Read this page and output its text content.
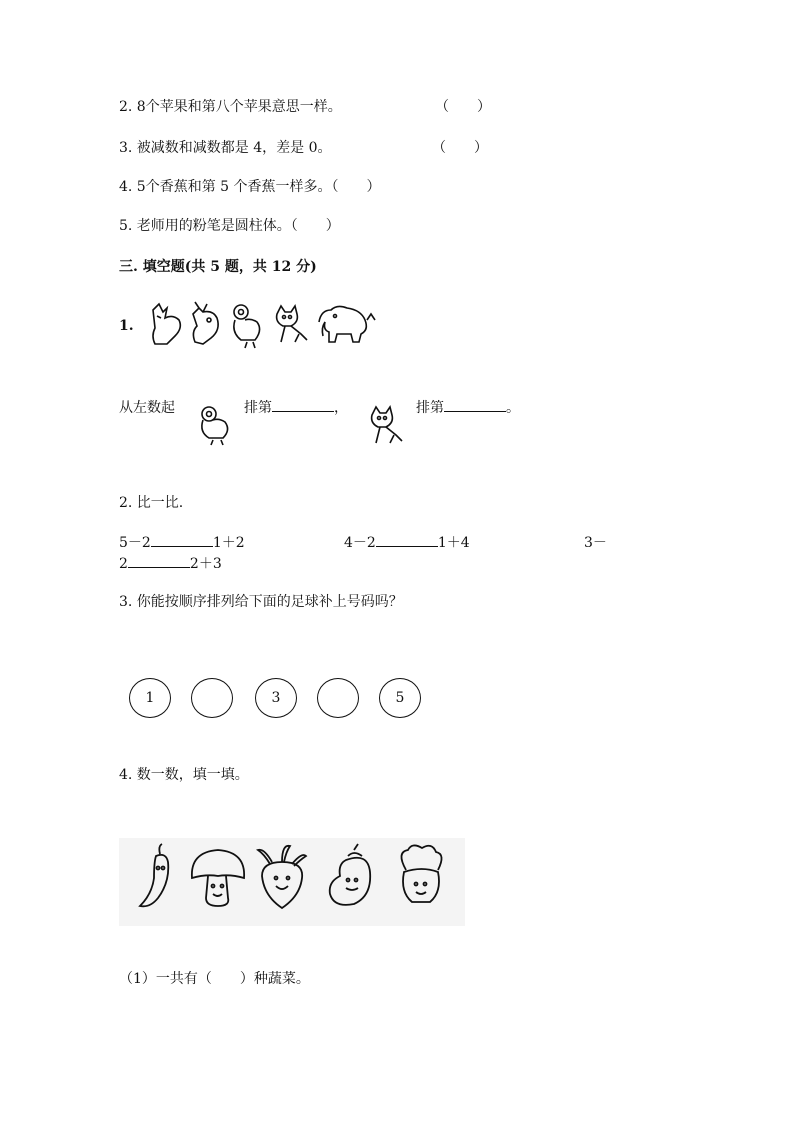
2. 8个苹果和第八个苹果意思一样。	（　　）
3. 被减数和减数都是 4，差是 0。	（　　）
4. 5个香蕉和第 5 个香蕉一样多。（　　）
5. 老师用的粉笔是圆柱体。（　　）
三. 填空题(共 5 题，共 12 分)
1.
从左数起	排第	，	排第	。
2. 比一比.
5－2	1＋2	4－2	1＋4	3－
2	2＋3
3. 你能按顺序排列给下面的足球补上号码吗？
1	3	5
4. 数一数，填一填。
（1）一共有（　　）种蔬菜。
